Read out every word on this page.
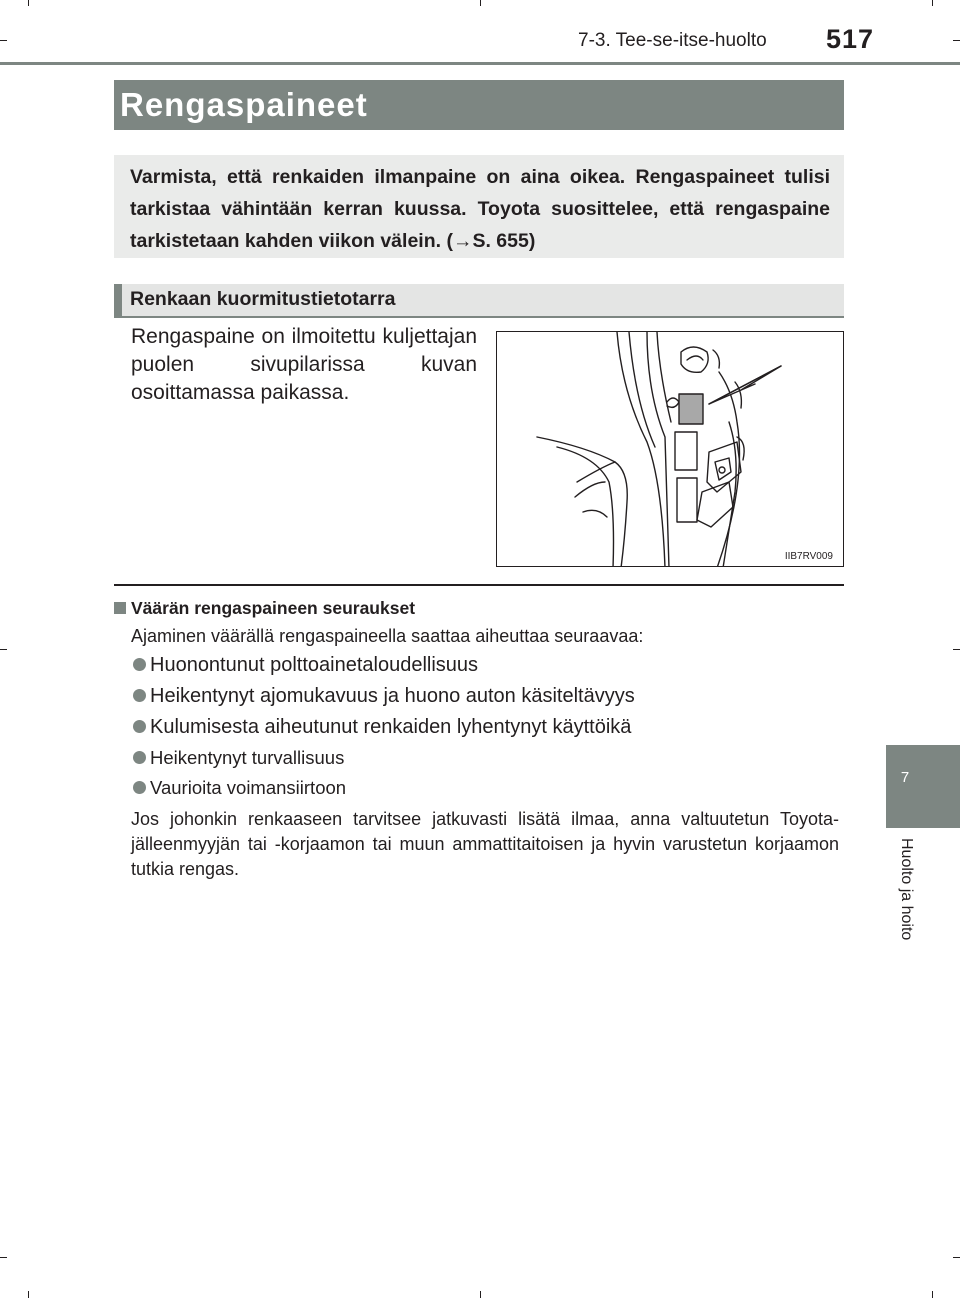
7-3. Tee-se-itse-huolto 517
Rengaspaineet
Varmista, että renkaiden ilmanpaine on aina oikea. Rengaspaineet tulisi tarkistaa vähintään kerran kuussa. Toyota suosittelee, että rengaspaine tarkistetaan kahden viikon välein. (→S. 655)
Renkaan kuormitustietotarra
Rengaspaine on ilmoitettu kuljettajan puolen sivupilarissa kuvan osoittamassa paikassa.
IIB7RV009
Väärän rengaspaineen seuraukset
Ajaminen väärällä rengaspaineella saattaa aiheuttaa seuraavaa:
Huonontunut polttoainetaloudellisuus
Heikentynyt ajomukavuus ja huono auton käsiteltävyys
Kulumisesta aiheutunut renkaiden lyhentynyt käyttöikä
Heikentynyt turvallisuus
Vaurioita voimansiirtoon
Jos johonkin renkaaseen tarvitsee jatkuvasti lisätä ilmaa, anna valtuutetun Toyota-jälleenmyyjän tai -korjaamon tai muun ammattitaitoisen ja hyvin varustetun korjaamon tutkia rengas.
7
Huolto ja hoito
